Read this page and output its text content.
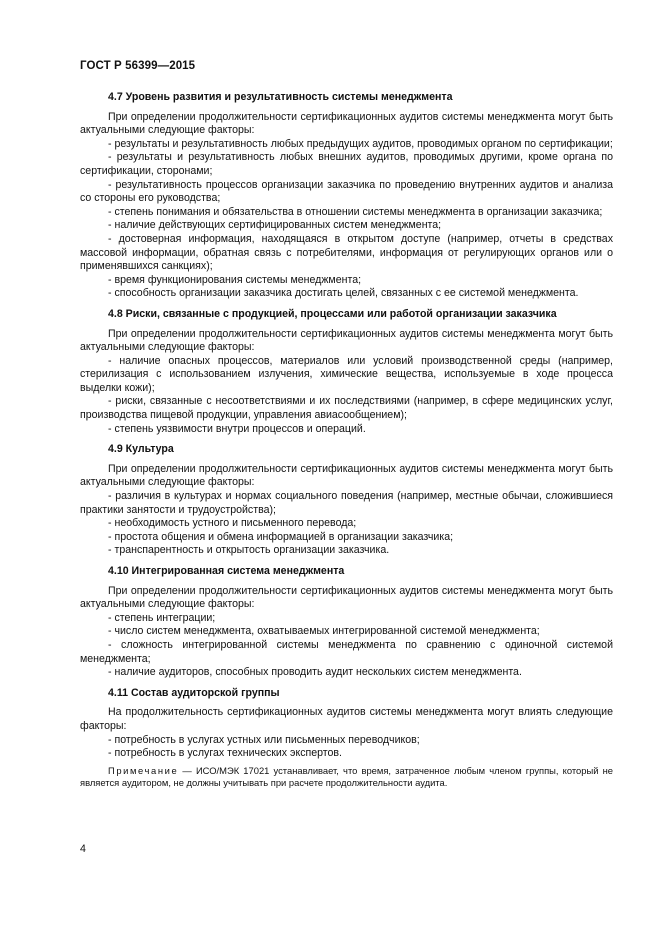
ГОСТ Р 56399—2015
4.7 Уровень развития и результативность системы менеджмента

При определении продолжительности сертификационных аудитов системы менеджмента могут быть актуальными следующие факторы:

- результаты и результативность любых предыдущих аудитов, проводимых органом по сертификации;

- результаты и результативность любых внешних аудитов, проводимых другими, кроме органа по сертификации, сторонами;

- результативность процессов организации заказчика по проведению внутренних аудитов и анализа со стороны его руководства;

- степень понимания и обязательства в отношении системы менеджмента в организации заказчика;

- наличие действующих сертифицированных систем менеджмента;

- достоверная информация, находящаяся в открытом доступе (например, отчеты в средствах массовой информации, обратная связь с потребителями, информация от регулирующих органов или о применявшихся санкциях);

- время функционирования системы менеджмента;

- способность организации заказчика достигать целей, связанных с ее системой менеджмента.

4.8 Риски, связанные с продукцией, процессами или работой организации заказчика

При определении продолжительности сертификационных аудитов системы менеджмента могут быть актуальными следующие факторы:

- наличие опасных процессов, материалов или условий производственной среды (например, стерилизация с использованием излучения, химические вещества, используемые в ходе процесса выделки кожи);

- риски, связанные с несоответствиями и их последствиями (например, в сфере медицинских услуг, производства пищевой продукции, управления авиасообщением);

- степень уязвимости внутри процессов и операций.

4.9 Культура

При определении продолжительности сертификационных аудитов системы менеджмента могут быть актуальными следующие факторы:

- различия в культурах и нормах социального поведения (например, местные обычаи, сложившиеся практики занятости и трудоустройства);

- необходимость устного и письменного перевода;

- простота общения и обмена информацией в организации заказчика;

- транспарентность и открытость организации заказчика.

4.10 Интегрированная система менеджмента

При определении продолжительности сертификационных аудитов системы менеджмента могут быть актуальными следующие факторы:

- степень интеграции;

- число систем менеджмента, охватываемых интегрированной системой менеджмента;

- сложность интегрированной системы менеджмента по сравнению с одиночной системой менеджмента;

- наличие аудиторов, способных проводить аудит нескольких систем менеджмента.

4.11 Состав аудиторской группы

На продолжительность сертификационных аудитов системы менеджмента могут влиять следующие факторы:

- потребность в услугах устных или письменных переводчиков;

- потребность в услугах технических экспертов.

Примечание — ИСО/МЭК 17021 устанавливает, что время, затраченное любым членом группы, который не является аудитором, не должны учитывать при расчете продолжительности аудита.

4
